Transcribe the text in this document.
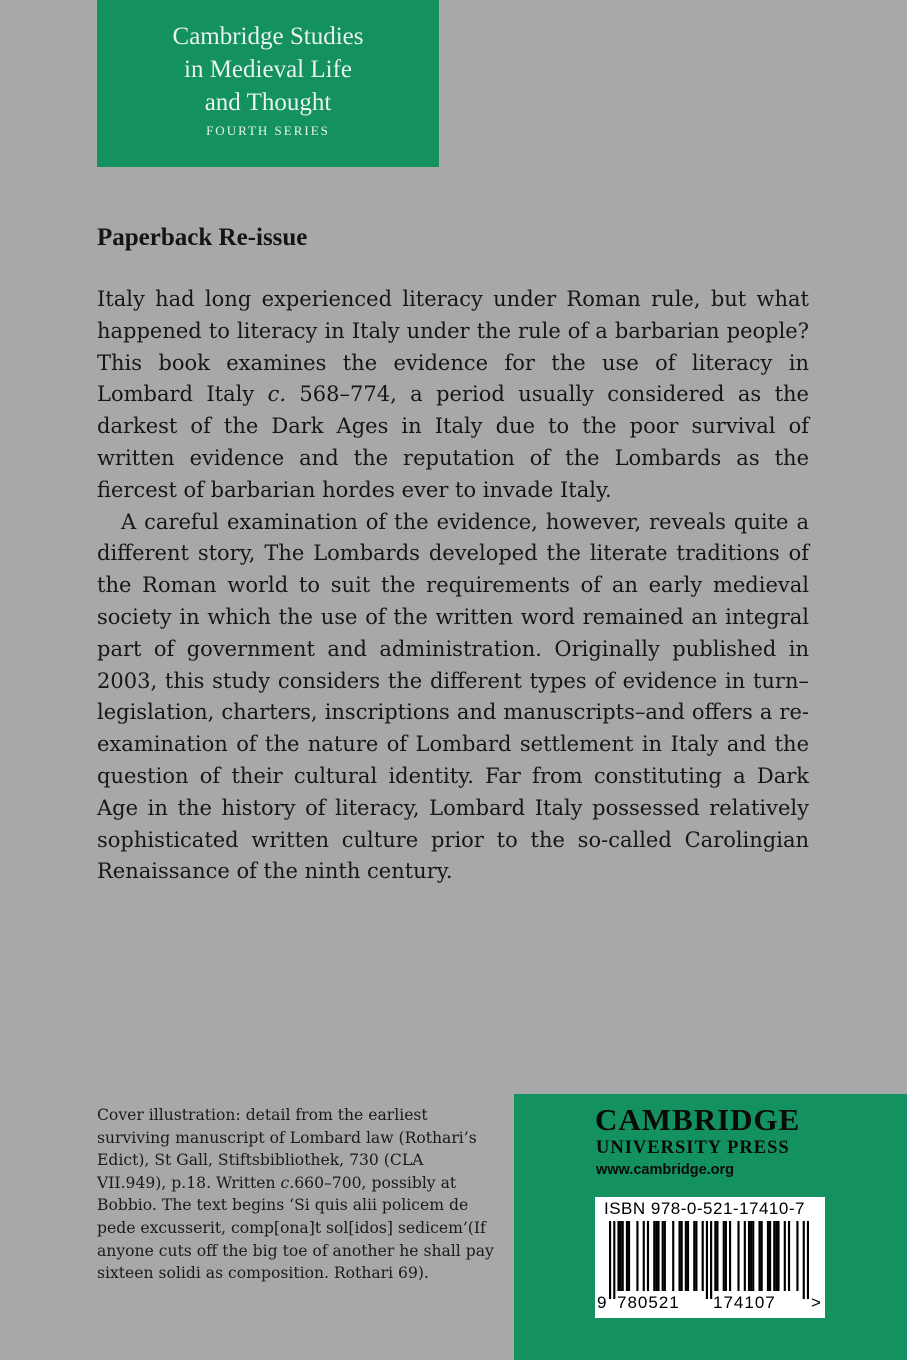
Cambridge Studies
in Medieval Life
and Thought
FOURTH SERIES
Paperback Re-issue

Italy had long experienced literacy under Roman rule, but what happened to literacy in Italy under the rule of a barbarian people? This book examines the evidence for the use of literacy in Lombard Italy c. 568–774, a period usually considered as the darkest of the Dark Ages in Italy due to the poor survival of written evidence and the reputation of the Lombards as the fiercest of barbarian hordes ever to invade Italy.

A careful examination of the evidence, however, reveals quite a different story, The Lombards developed the literate traditions of the Roman world to suit the requirements of an early medieval society in which the use of the written word remained an integral part of government and administration. Originally published in 2003, this study considers the different types of evidence in turn–legislation, charters, inscriptions and manuscripts–and offers a re-examination of the nature of Lombard settlement in Italy and the question of their cultural identity. Far from constituting a Dark Age in the history of literacy, Lombard Italy possessed relatively sophisticated written culture prior to the so-called Carolingian Renaissance of the ninth century.

Cover illustration: detail from the earliest surviving manuscript of Lombard law (Rothari’s Edict), St Gall, Stiftsbibliothek, 730 (CLA VII.949), p.18. Written c.660–700, possibly at Bobbio. The text begins ‘Si quis alii policem de pede excusserit, comp[ona]t sol[idos] sedicem’(If anyone cuts off the big toe of another he shall pay sixteen solidi as composition. Rothari 69).
CAMBRIDGE
UNIVERSITY PRESS
www.cambridge.org
ISBN 978-0-521-17410-7
9 780521 174107 >
